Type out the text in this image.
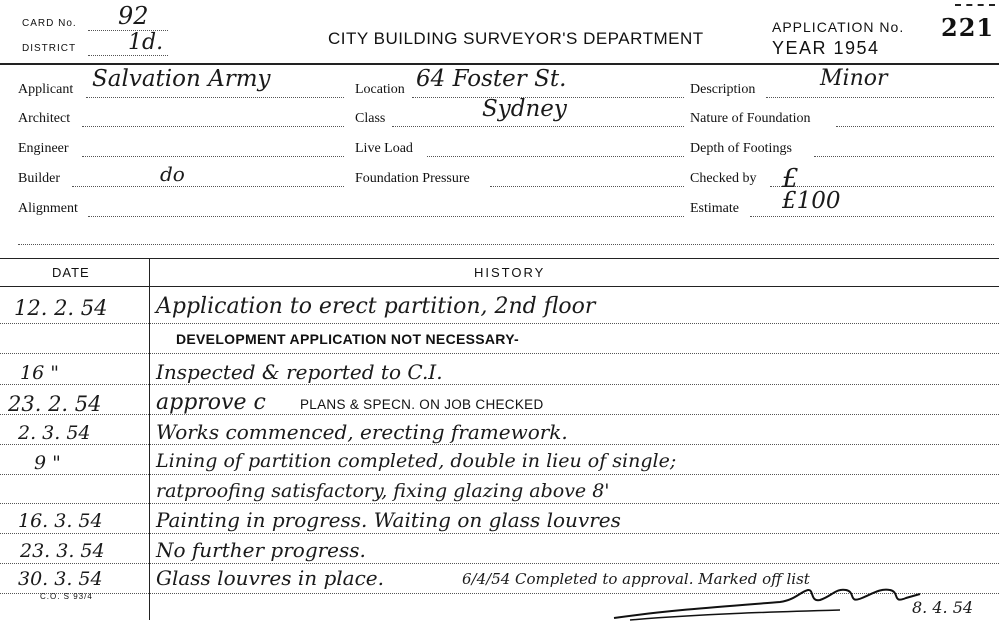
CARD No. 92
DISTRICT 1d.	CITY BUILDING SURVEYOR'S DEPARTMENT
APPLICATION No. 221
YEAR 1954
Applicant Salvation Army
Architect
Engineer
Builder	do
Alignment
Location 64 Foster St.
Class	Sydney
Live Load
Foundation Pressure
Description	Minor
Nature of Foundation
Depth of Footings
Checked by £
Estimate £100
DATE	HISTORY
12. 2. 54 Application to erect partition, 2nd floor
DEVELOPMENT APPLICATION NOT NECESSARY-
16 "	Inspected & reported to C.I.
23. 2. 54 approve c	PLANS & SPECN. ON JOB CHECKED
2. 3. 54	Works commenced, erecting framework.
9 "	Lining of partition completed, double in lieu of single;
ratproofing satisfactory, fixing glazing above 8'
16. 3. 54	Painting in progress. Waiting on glass louvres
23. 3. 54	No further progress.
30. 3. 54	Glass louvres in place.	6/4/54 Completed to approval. Marked off list
C.O. S 93/4
8. 4. 54
